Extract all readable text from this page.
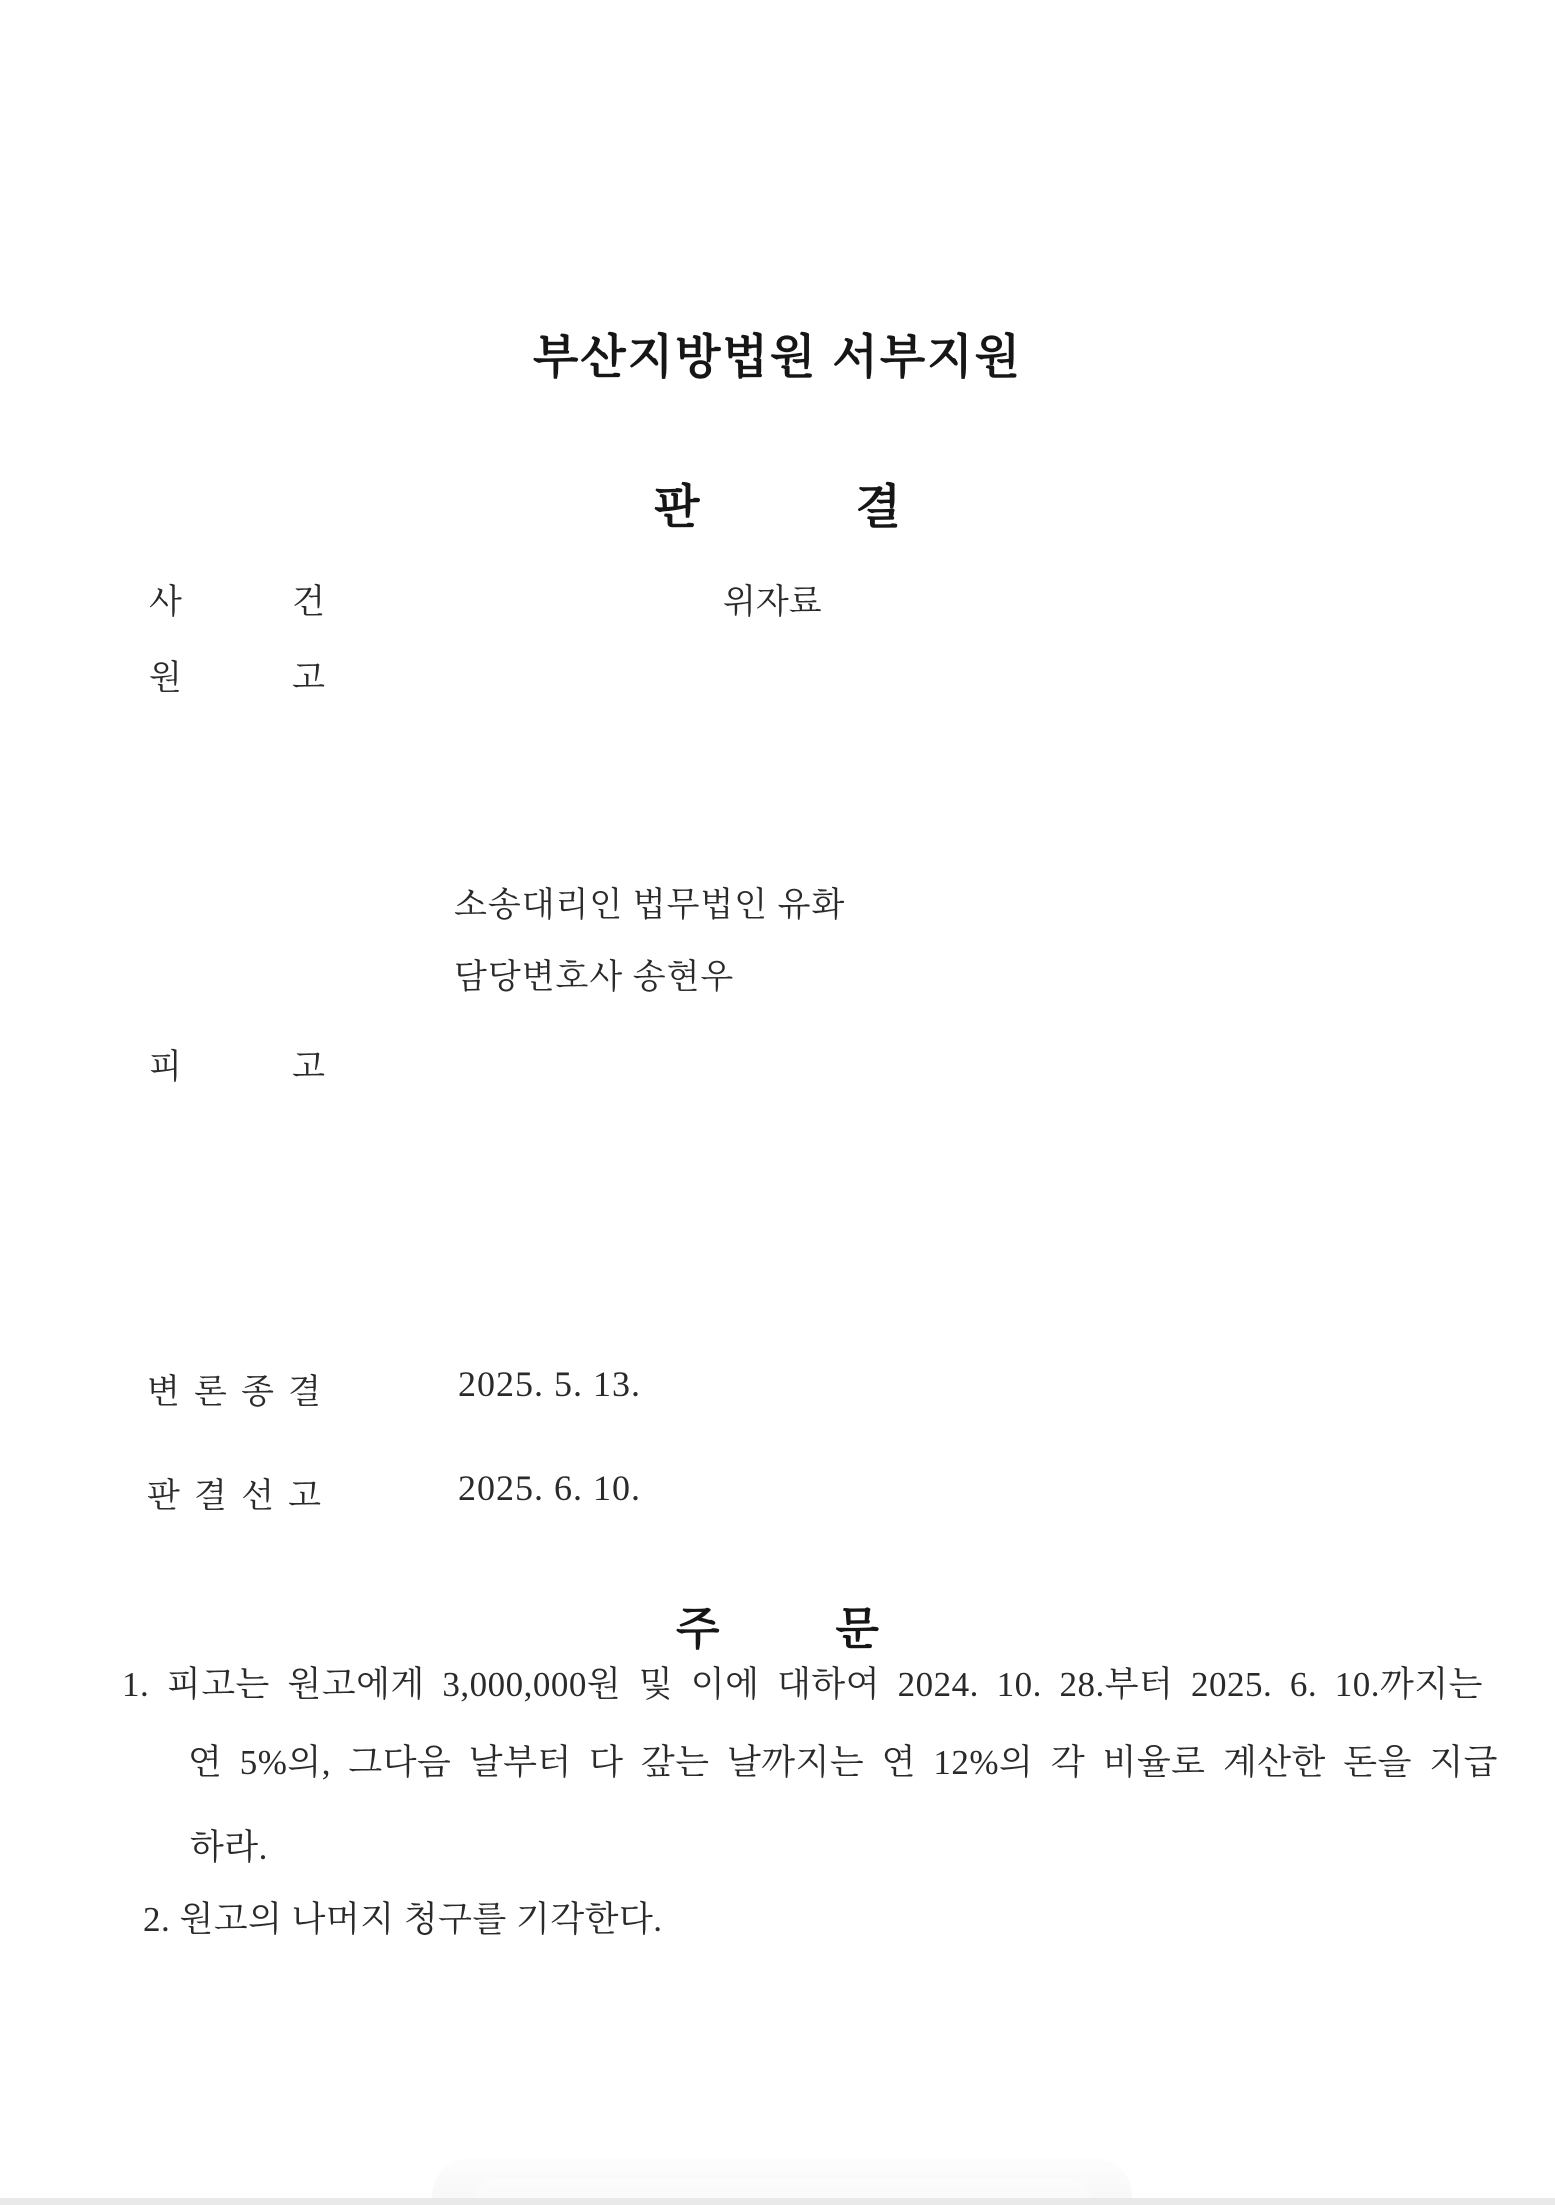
부산지방법원 서부지원
판	결
사	건	위자료
원	고
소송대리인 법무법인 유화
담당변호사 송현우
피	고
변 론 종 결	2025. 5. 13.
판 결 선 고	2025. 6. 10.
주	문
1. 피고는 원고에게 3,000,000원 및 이에 대하여 2024. 10. 28.부터 2025. 6. 10.까지는
연 5%의, 그다음 날부터 다 갚는 날까지는 연 12%의 각 비율로 계산한 돈을 지급
하라.
2. 원고의 나머지 청구를 기각한다.
